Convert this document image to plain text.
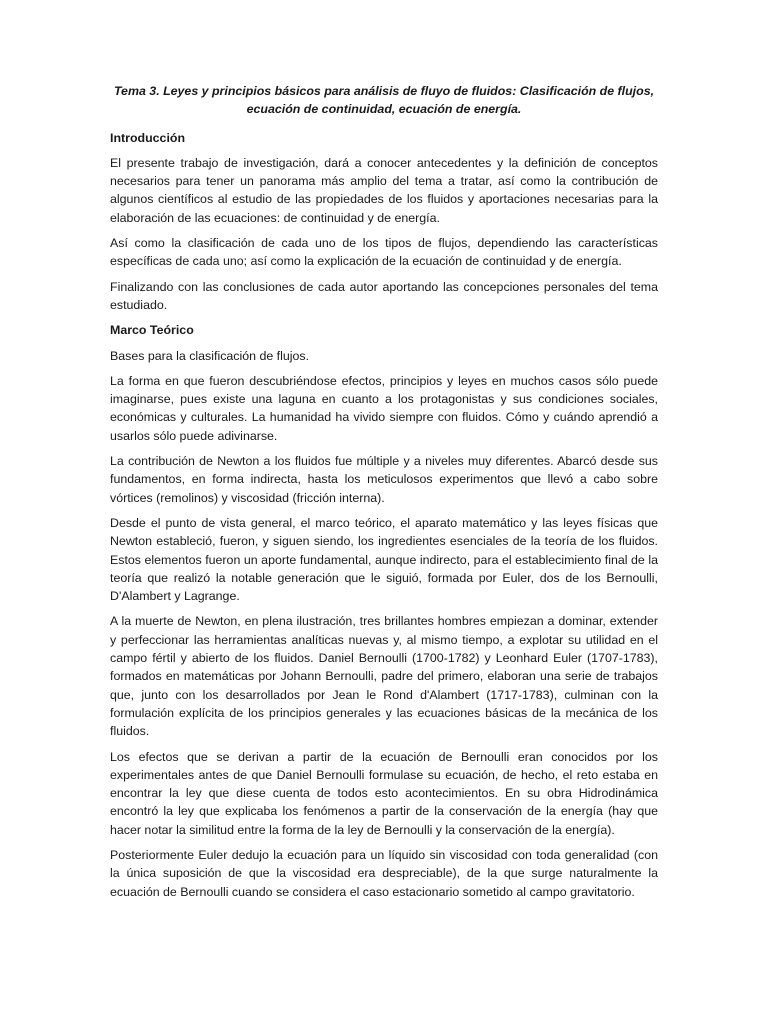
Tema 3. Leyes y principios básicos para análisis de fluyo de fluidos: Clasificación de flujos, ecuación de continuidad, ecuación de energía.

Introducción

El presente trabajo de investigación, dará a conocer antecedentes y la definición de conceptos necesarios para tener un panorama más amplio del tema a tratar, así como la contribución de algunos científicos al estudio de las propiedades de los fluidos y aportaciones necesarias para la elaboración de las ecuaciones: de continuidad y de energía.

Así como la clasificación de cada uno de los tipos de flujos, dependiendo las características específicas de cada uno; así como la explicación de la ecuación de continuidad y de energía.

Finalizando con las conclusiones de cada autor aportando las concepciones personales del tema estudiado.

Marco Teórico

Bases para la clasificación de flujos.

La forma en que fueron descubriéndose efectos, principios y leyes en muchos casos sólo puede imaginarse, pues existe una laguna en cuanto a los protagonistas y sus condiciones sociales, económicas y culturales. La humanidad ha vivido siempre con fluidos. Cómo y cuándo aprendió a usarlos sólo puede adivinarse.

La contribución de Newton a los fluidos fue múltiple y a niveles muy diferentes. Abarcó desde sus fundamentos, en forma indirecta, hasta los meticulosos experimentos que llevó a cabo sobre vórtices (remolinos) y viscosidad (fricción interna).

Desde el punto de vista general, el marco teórico, el aparato matemático y las leyes físicas que Newton estableció, fueron, y siguen siendo, los ingredientes esenciales de la teoría de los fluidos. Estos elementos fueron un aporte fundamental, aunque indirecto, para el establecimiento final de la teoría que realizó la notable generación que le siguió, formada por Euler, dos de los Bernoulli, D'Alambert y Lagrange.

A la muerte de Newton, en plena ilustración, tres brillantes hombres empiezan a dominar, extender y perfeccionar las herramientas analíticas nuevas y, al mismo tiempo, a explotar su utilidad en el campo fértil y abierto de los fluidos. Daniel Bernoulli (1700-1782) y Leonhard Euler (1707-1783), formados en matemáticas por Johann Bernoulli, padre del primero, elaboran una serie de trabajos que, junto con los desarrollados por Jean le Rond d'Alambert (1717-1783), culminan con la formulación explícita de los principios generales y las ecuaciones básicas de la mecánica de los fluidos.

Los efectos que se derivan a partir de la ecuación de Bernoulli eran conocidos por los experimentales antes de que Daniel Bernoulli formulase su ecuación, de hecho, el reto estaba en encontrar la ley que diese cuenta de todos esto acontecimientos. En su obra Hidrodinámica encontró la ley que explicaba los fenómenos a partir de la conservación de la energía (hay que hacer notar la similitud entre la forma de la ley de Bernoulli y la conservación de la energía).

Posteriormente Euler dedujo la ecuación para un líquido sin viscosidad con toda generalidad (con la única suposición de que la viscosidad era despreciable), de la que surge naturalmente la ecuación de Bernoulli cuando se considera el caso estacionario sometido al campo gravitatorio.
